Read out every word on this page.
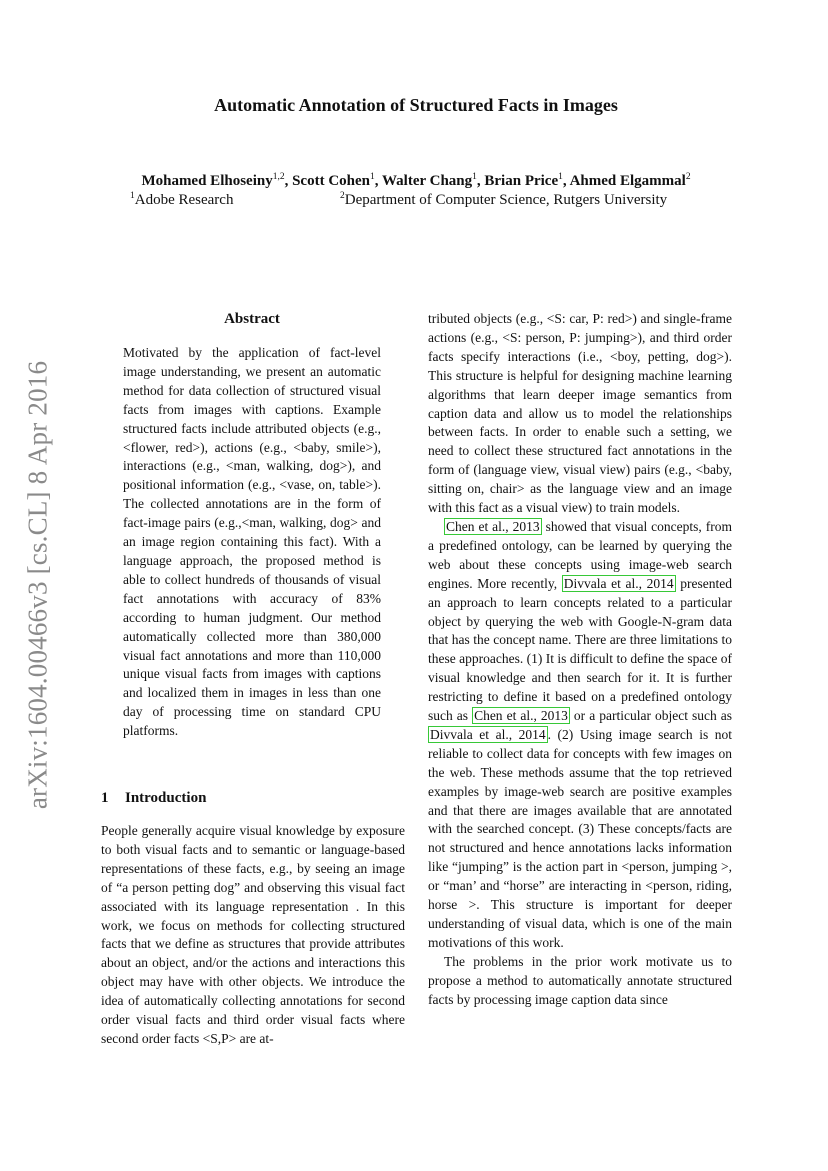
arXiv:1604.00466v3 [cs.CL] 8 Apr 2016
Automatic Annotation of Structured Facts in Images
Mohamed Elhoseiny$^{1,2}$, Scott Cohen$^1$, Walter Chang$^1$, Brian Price$^1$, Ahmed Elgammal$^2$
$^1$Adobe Research	$^2$Department of Computer Science, Rutgers University
Abstract

Motivated by the application of fact-level image understanding, we present an automatic method for data collection of structured visual facts from images with captions. Example structured facts include attributed objects (e.g., <flower, red>), actions (e.g., <baby, smile>), interactions (e.g., <man, walking, dog>), and positional information (e.g., <vase, on, table>). The collected annotations are in the form of fact-image pairs (e.g.,<man, walking, dog> and an image region containing this fact). With a language approach, the proposed method is able to collect hundreds of thousands of visual fact annotations with accuracy of 83% according to human judgment. Our method automatically collected more than 380,000 visual fact annotations and more than 110,000 unique visual facts from images with captions and localized them in images in less than one day of processing time on standard CPU platforms.

1 Introduction

People generally acquire visual knowledge by exposure to both visual facts and to semantic or language-based representations of these facts, e.g., by seeing an image of “a person petting dog” and observing this visual fact associated with its language representation . In this work, we focus on methods for collecting structured facts that we define as structures that provide attributes about an object, and/or the actions and interactions this object may have with other objects. We introduce the idea of automatically collecting annotations for second order visual facts and third order visual facts where second order facts <S,P> are at-

tributed objects (e.g., <S: car, P: red>) and single-frame actions (e.g., <S: person, P: jumping>), and third order facts specify interactions (i.e., <boy, petting, dog>). This structure is helpful for designing machine learning algorithms that learn deeper image semantics from caption data and allow us to model the relationships between facts. In order to enable such a setting, we need to collect these structured fact annotations in the form of (language view, visual view) pairs (e.g., <baby, sitting on, chair> as the language view and an image with this fact as a visual view) to train models.

Chen et al., 2013 showed that visual concepts, from a predefined ontology, can be learned by querying the web about these concepts using image-web search engines. More recently, Divvala et al., 2014 presented an approach to learn concepts related to a particular object by querying the web with Google-N-gram data that has the concept name. There are three limitations to these approaches. (1) It is difficult to define the space of visual knowledge and then search for it. It is further restricting to define it based on a predefined ontology such as Chen et al., 2013 or a particular object such as Divvala et al., 2014 . (2) Using image search is not reliable to collect data for concepts with few images on the web. These methods assume that the top retrieved examples by image-web search are positive examples and that there are images available that are annotated with the searched concept. (3) These concepts/facts are not structured and hence annotations lacks information like “jumping” is the action part in <person, jumping >, or “man’ and “horse” are interacting in <person, riding, horse >. This structure is important for deeper understanding of visual data, which is one of the main motivations of this work.

The problems in the prior work motivate us to propose a method to automatically annotate structured facts by processing image caption data since
